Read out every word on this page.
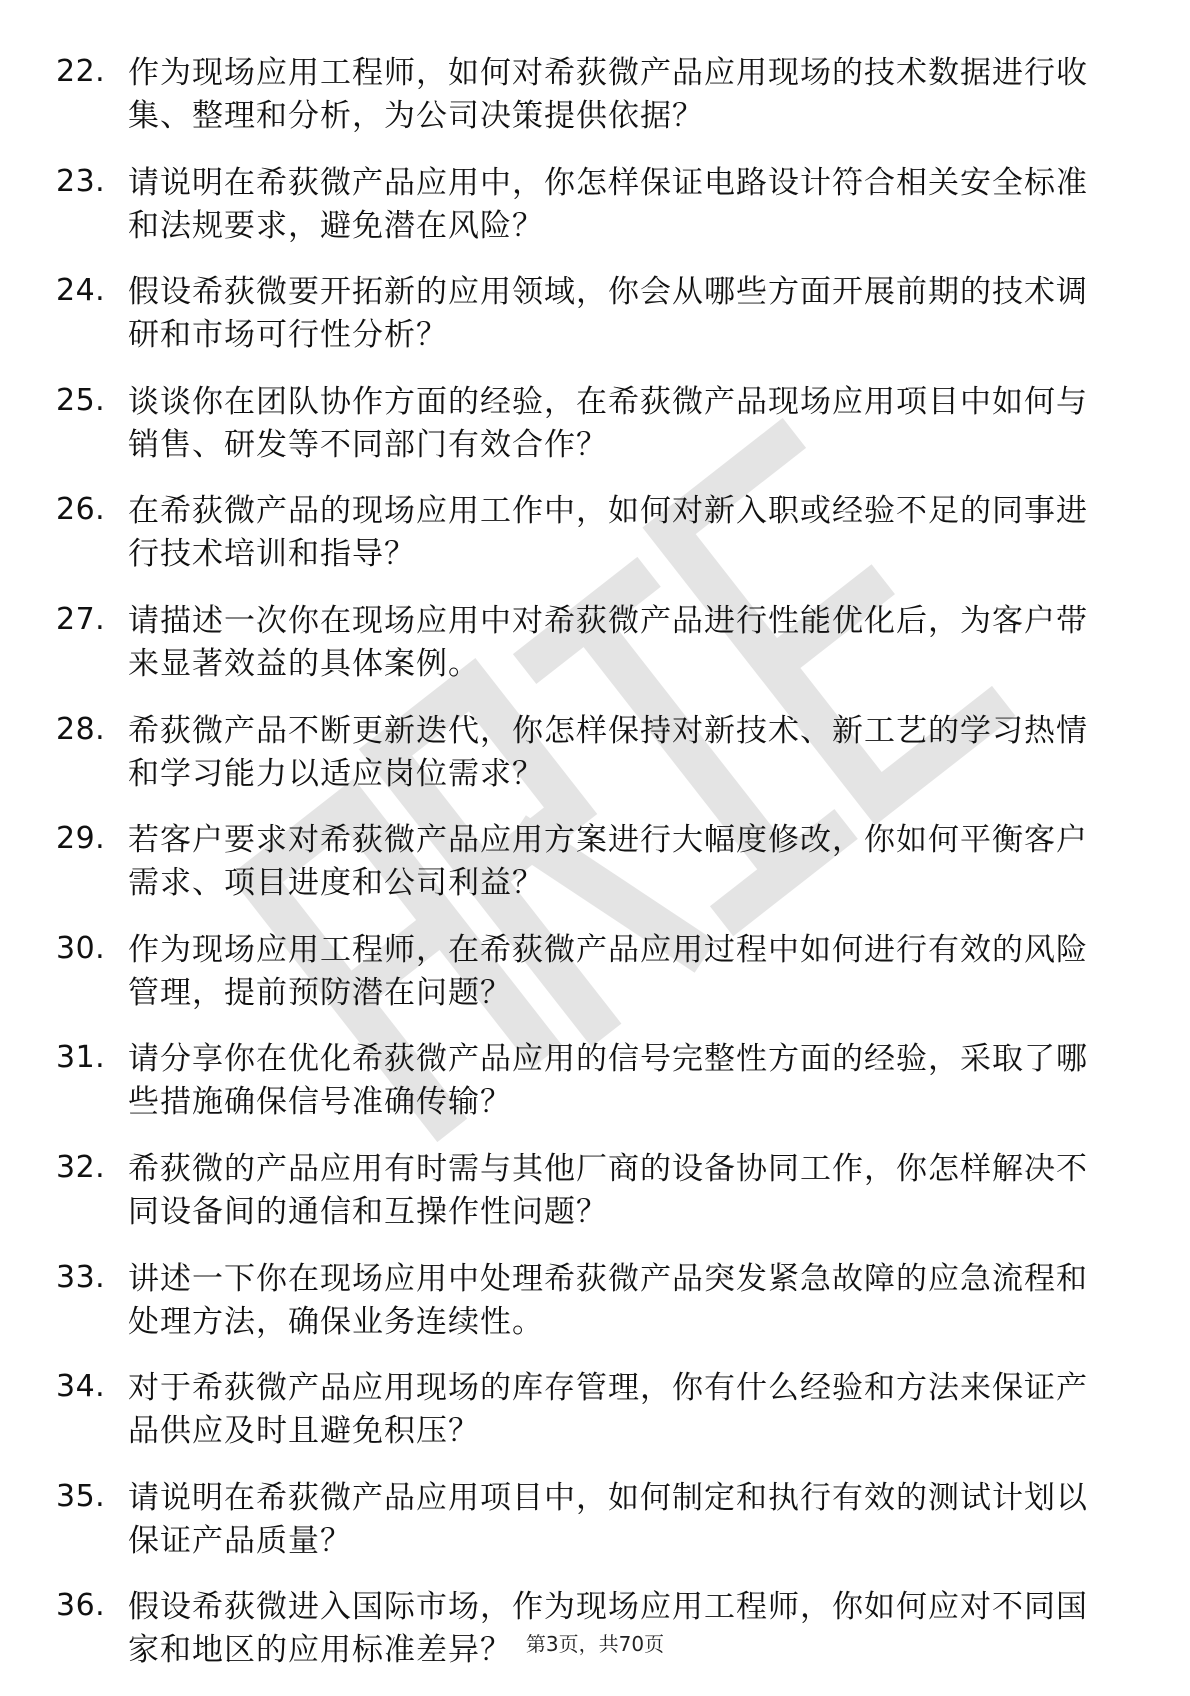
22. 作为现场应用工程师，如何对希荻微产品应用现场的技术数据进行收集、整理和分析，为公司决策提供依据？
23. 请说明在希荻微产品应用中，你怎样保证电路设计符合相关安全标准和法规要求，避免潜在风险？
24. 假设希荻微要开拓新的应用领域，你会从哪些方面开展前期的技术调研和市场可行性分析？
25. 谈谈你在团队协作方面的经验，在希荻微产品现场应用项目中如何与销售、研发等不同部门有效合作？
26. 在希荻微产品的现场应用工作中，如何对新入职或经验不足的同事进行技术培训和指导？
27. 请描述一次你在现场应用中对希荻微产品进行性能优化后，为客户带来显著效益的具体案例。
28. 希荻微产品不断更新迭代，你怎样保持对新技术、新工艺的学习热情和学习能力以适应岗位需求？
29. 若客户要求对希荻微产品应用方案进行大幅度修改，你如何平衡客户需求、项目进度和公司利益？
30. 作为现场应用工程师，在希荻微产品应用过程中如何进行有效的风险管理，提前预防潜在问题？
31. 请分享你在优化希荻微产品应用的信号完整性方面的经验，采取了哪些措施确保信号准确传输？
32. 希荻微的产品应用有时需与其他厂商的设备协同工作，你怎样解决不同设备间的通信和互操作性问题？
33. 讲述一下你在现场应用中处理希荻微产品突发紧急故障的应急流程和处理方法，确保业务连续性。
34. 对于希荻微产品应用现场的库存管理，你有什么经验和方法来保证产品供应及时且避免积压？
35. 请说明在希荻微产品应用项目中，如何制定和执行有效的测试计划以保证产品质量？
36. 假设希荻微进入国际市场，作为现场应用工程师，你如何应对不同国家和地区的应用标准差异？ 第3页，共70页
